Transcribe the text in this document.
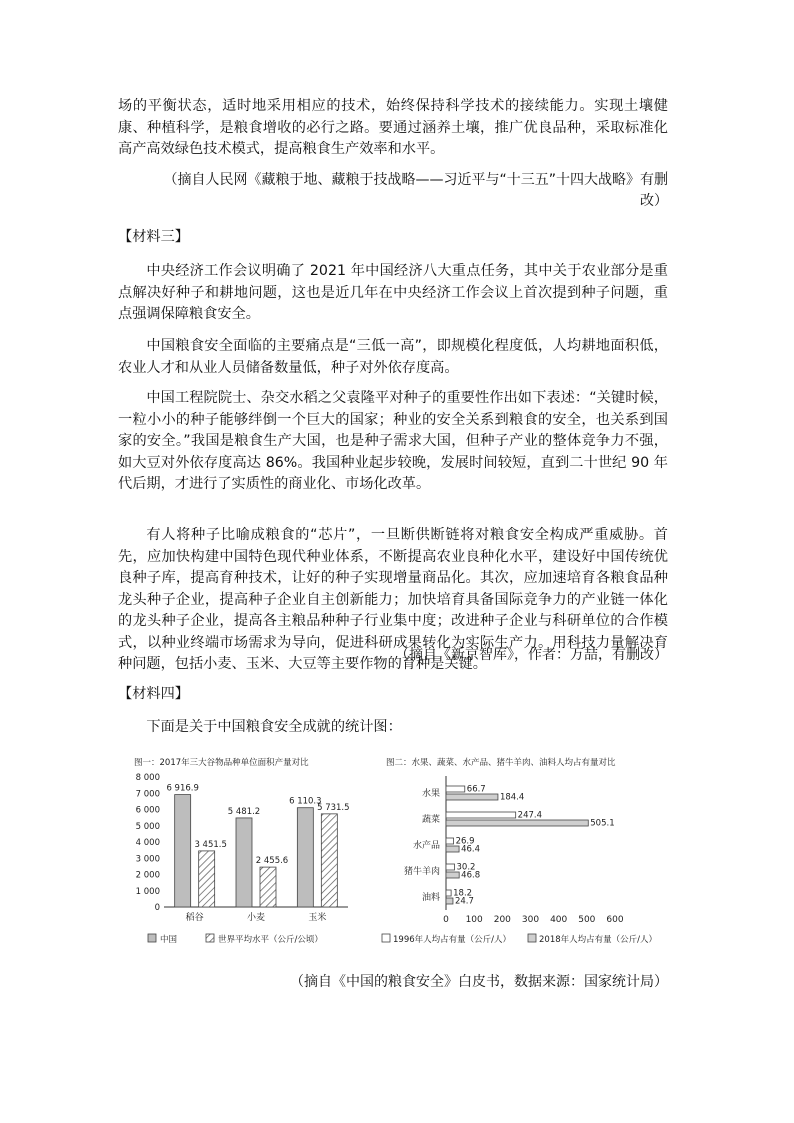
场的平衡状态，适时地采用相应的技术，始终保持科学技术的接续能力。实现土壤健康、种植科学，是粮食增收的必行之路。要通过涵养土壤，推广优良品种，采取标准化高产高效绿色技术模式，提高粮食生产效率和水平。

（摘自人民网《藏粮于地、藏粮于技战略——习近平与“十三五”十四大战略》有删改）

【材料三】

中央经济工作会议明确了 2021 年中国经济八大重点任务，其中关于农业部分是重点解决好种子和耕地问题，这也是近几年在中央经济工作会议上首次提到种子问题，重点强调保障粮食安全。

中国粮食安全面临的主要痛点是“三低一高”，即规模化程度低，人均耕地面积低，农业人才和从业人员储备数量低，种子对外依存度高。

中国工程院院士、杂交水稻之父袁隆平对种子的重要性作出如下表述：“关键时候，一粒小小的种子能够绊倒一个巨大的国家；种业的安全关系到粮食的安全，也关系到国家的安全。”我国是粮食生产大国，也是种子需求大国，但种子产业的整体竞争力不强，如大豆对外依存度高达 86%。我国种业起步较晚，发展时间较短，直到二十世纪 90 年代后期，才进行了实质性的商业化、市场化改革。

有人将种子比喻成粮食的“芯片”，一旦断供断链将对粮食安全构成严重威胁。首先，应加快构建中国特色现代种业体系，不断提高农业良种化水平，建设好中国传统优良种子库，提高育种技术，让好的种子实现增量商品化。其次，应加速培育各粮食品种龙头种子企业，提高种子企业自主创新能力；加快培育具备国际竞争力的产业链一体化的龙头种子企业，提高各主粮品种种子行业集中度；改进种子企业与科研单位的合作模式，以种业终端市场需求为导向，促进科研成果转化为实际生产力。用科技力量解决育种问题，包括小麦、玉米、大豆等主要作物的育种是关键。

（摘自《新京智库》，作者：万喆，有删改）

【材料四】

下面是关于中国粮食安全成就的统计图：

图一：2017年三大谷物品种单位面积产量对比
0
1 000
2 000
3 000
4 000
5 000
6 000
7 000
8 000
稻谷	小麦	玉米
6 916.9
3 451.5
5 481.2
2 455.6
6 110.3
5 731.5
中国	世界平均水平（公斤/公顷）
图二：水果、蔬菜、水产品、猪牛羊肉、油料人均占有量对比
0 100 200 300 400 500 600
水果
蔬菜
水产品
猪牛羊肉
油料
66.7
184.4
247.4
505.1
26.9
46.4
30.2
46.8
18.2
24.7
1996年人均占有量（公斤/人）	2018年人均占有量（公斤/人）

（摘自《中国的粮食安全》白皮书，数据来源：国家统计局）
